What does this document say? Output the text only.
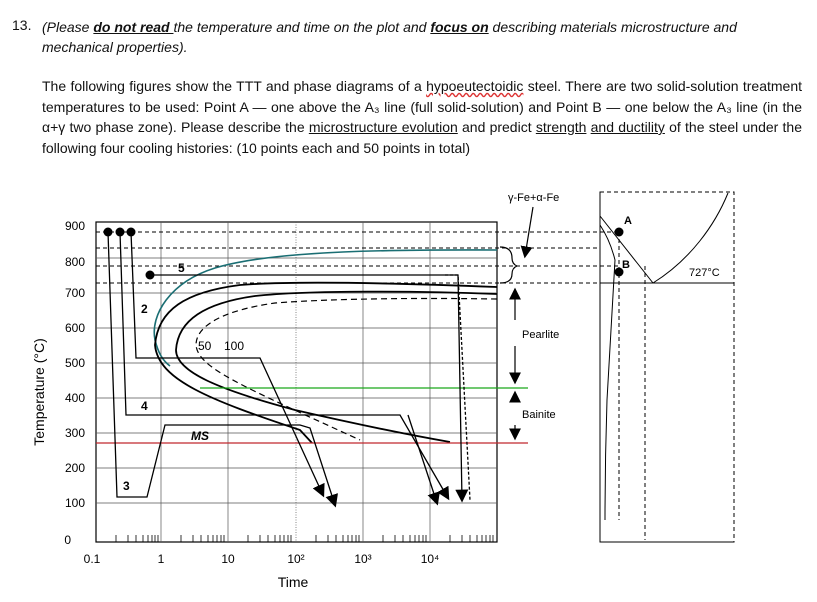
13. (Please do not read the temperature and time on the plot and focus on describing materials microstructure and mechanical properties).
The following figures show the TTT and phase diagrams of a hypoeutectoidic steel. There are two solid-solution treatment temperatures to be used: Point A — one above the A₃ line (full solid-solution) and Point B — one below the A₃ line (in the α+γ two phase zone). Please describe the microstructure evolution and predict strength and ductility of the steel under the following four cooling histories: (10 points each and 50 points in total)
2
3
4
5
MS
50 100
900
800
700
600
500
400
300
200
100
0
0.1	1	10	10²	10³	10⁴
Time
Temperature (°C)
γ-Fe+α-Fe
Pearlite
Bainite
A
B
727°C
